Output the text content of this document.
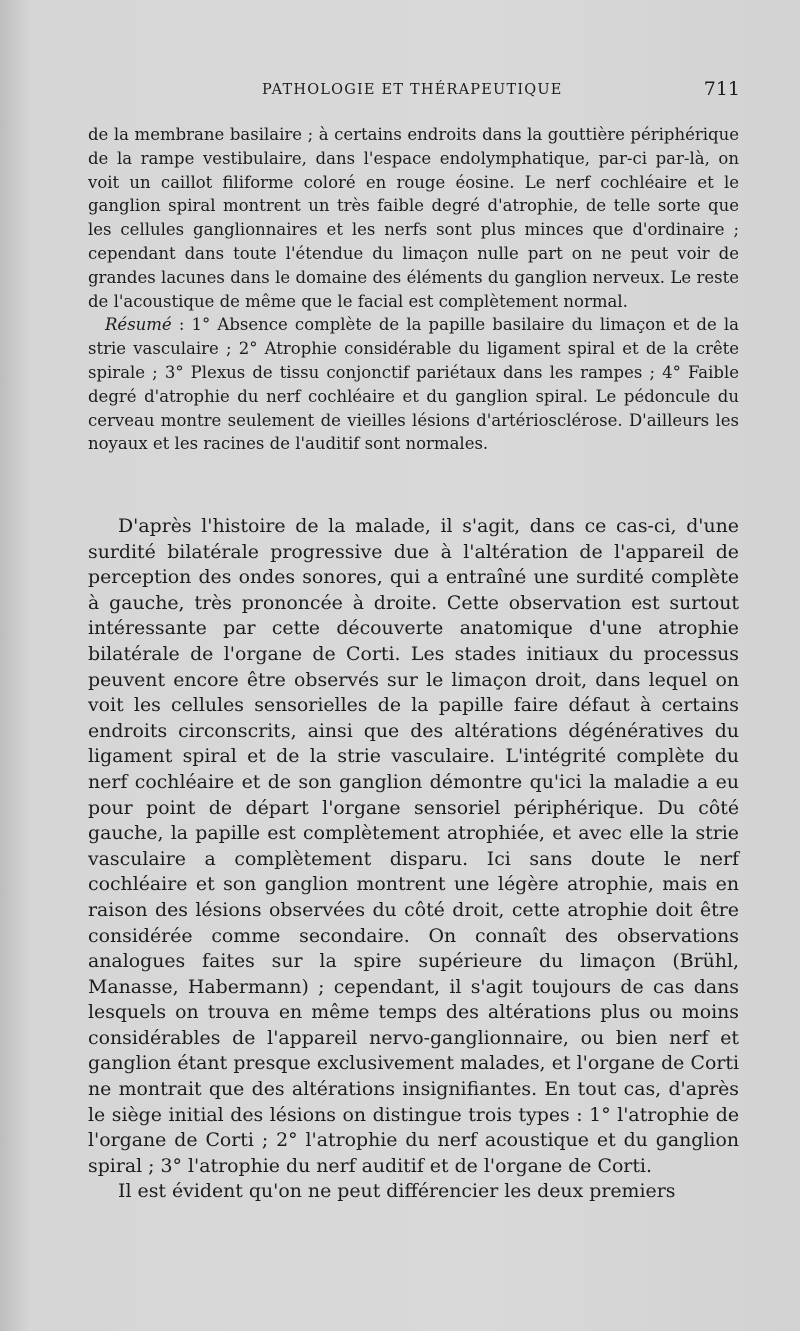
PATHOLOGIE ET THÉRAPEUTIQUE	711

de la membrane basilaire ; à certains endroits dans la gouttière périphérique de la rampe vestibulaire, dans l'espace endolymphatique, par-ci par-là, on voit un caillot filiforme coloré en rouge éosine. Le nerf cochléaire et le ganglion spiral montrent un très faible degré d'atrophie, de telle sorte que les cellules ganglionnaires et les nerfs sont plus minces que d'ordinaire ; cependant dans toute l'étendue du limaçon nulle part on ne peut voir de grandes lacunes dans le domaine des éléments du ganglion nerveux. Le reste de l'acoustique de même que le facial est complètement normal.

Résumé : 1° Absence complète de la papille basilaire du limaçon et de la strie vasculaire ; 2° Atrophie considérable du ligament spiral et de la crête spirale ; 3° Plexus de tissu conjonctif pariétaux dans les rampes ; 4° Faible degré d'atrophie du nerf cochléaire et du ganglion spiral. Le pédoncule du cerveau montre seulement de vieilles lésions d'artériosclérose. D'ailleurs les noyaux et les racines de l'auditif sont normales.

D'après l'histoire de la malade, il s'agit, dans ce cas-ci, d'une surdité bilatérale progressive due à l'altération de l'appareil de perception des ondes sonores, qui a entraîné une surdité complète à gauche, très prononcée à droite. Cette observation est surtout intéressante par cette découverte anatomique d'une atrophie bilatérale de l'organe de Corti. Les stades initiaux du processus peuvent encore être observés sur le limaçon droit, dans lequel on voit les cellules sensorielles de la papille faire défaut à certains endroits circonscrits, ainsi que des altérations dégénératives du ligament spiral et de la strie vasculaire. L'intégrité complète du nerf cochléaire et de son ganglion démontre qu'ici la maladie a eu pour point de départ l'organe sensoriel périphérique. Du côté gauche, la papille est complètement atrophiée, et avec elle la strie vasculaire a complètement disparu. Ici sans doute le nerf cochléaire et son ganglion montrent une légère atrophie, mais en raison des lésions observées du côté droit, cette atrophie doit être considérée comme secondaire. On connaît des observations analogues faites sur la spire supérieure du limaçon (Brühl, Manasse, Habermann) ; cependant, il s'agit toujours de cas dans lesquels on trouva en même temps des altérations plus ou moins considérables de l'appareil nervo-ganglionnaire, ou bien nerf et ganglion étant presque exclusivement malades, et l'organe de Corti ne montrait que des altérations insignifiantes. En tout cas, d'après le siège initial des lésions on distingue trois types : 1° l'atrophie de l'organe de Corti ; 2° l'atrophie du nerf acoustique et du ganglion spiral ; 3° l'atrophie du nerf auditif et de l'organe de Corti.

Il est évident qu'on ne peut différencier les deux premiers
